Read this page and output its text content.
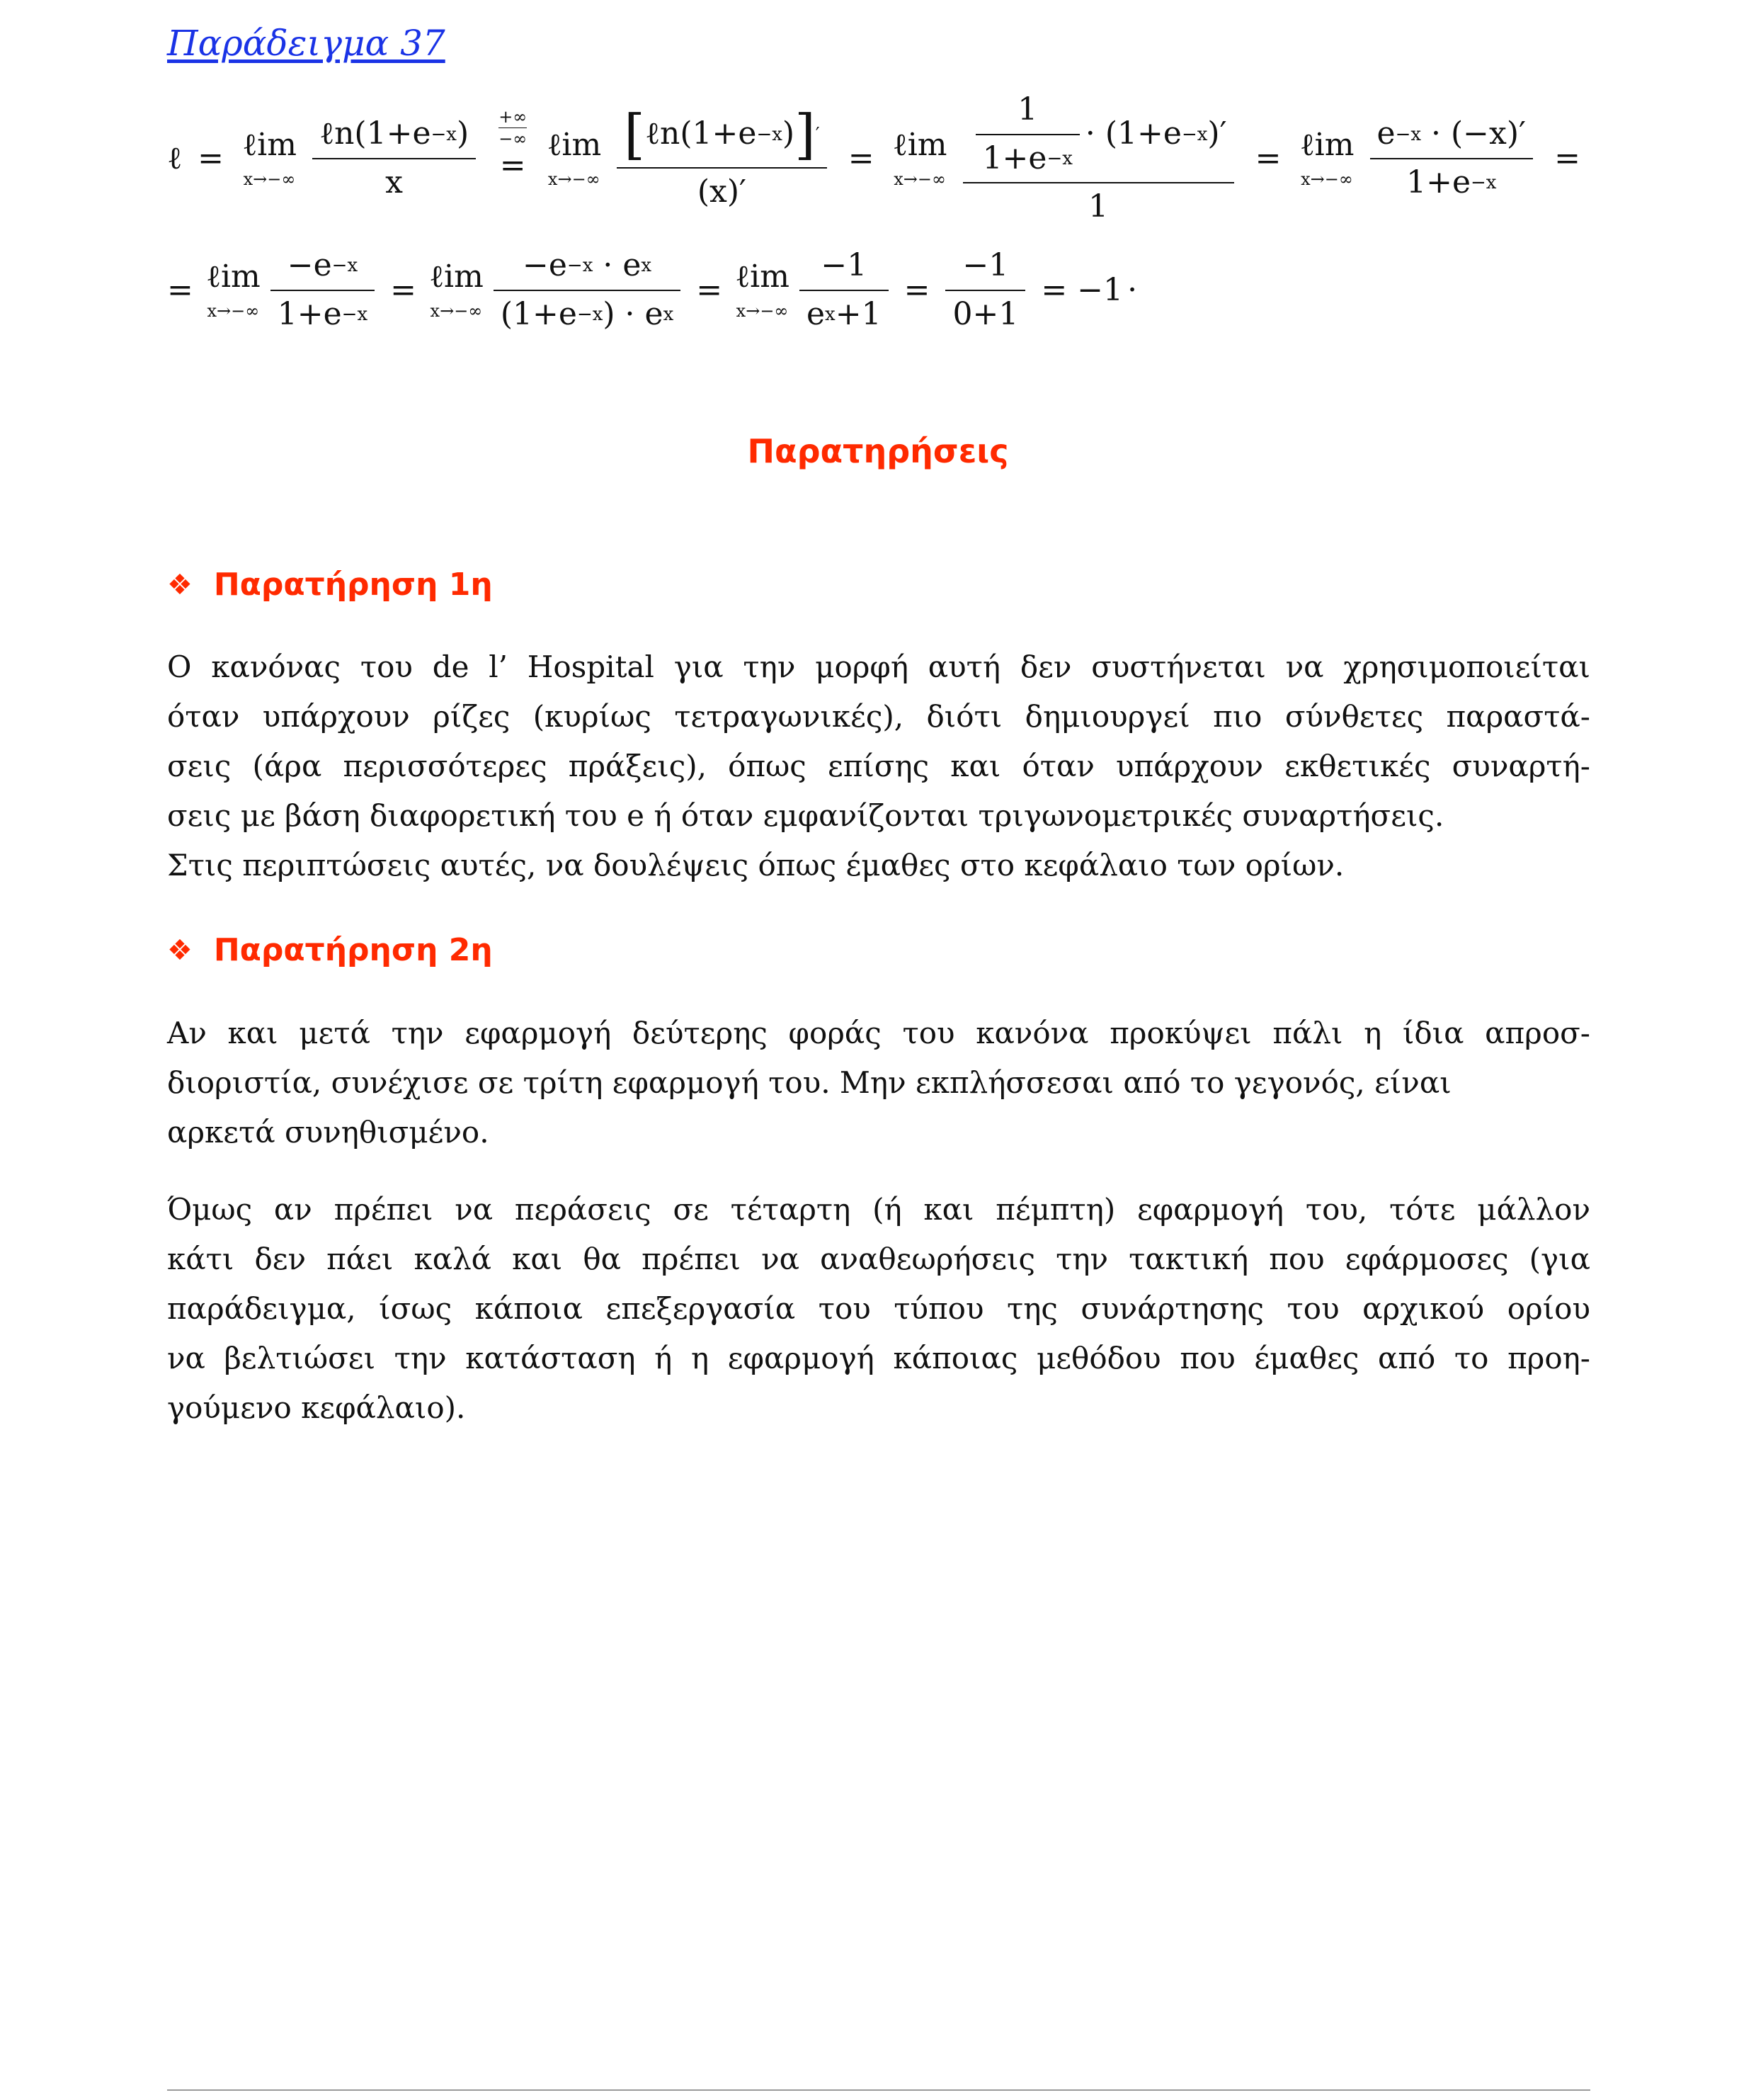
Παράδειγμα 37
ℓ = ℓim
$x\to-\infty \frac{\text{ℓn(1+e −x )}}{x} \frac{+\infty}{-\infty}$
=
ℓim
$x\to-\infty \frac{\text{[ ℓn(1+e −x ) ] ′}}{(x)'}$ = ℓim
$x\to-\infty \frac{\frac{1}{1+e -x} \cdot (1+e -x )'}{1}$ = ℓim
x→−∞ e −x
· (−x)′
1+e −x =
= ℓim
$x\to-\infty \frac{-e -x}{1+e -x}$ = ℓim
x→−∞ −e −x
· e x
(1+e −x ) · e x = ℓim
$x\to-\infty \frac{-1}{\text{e x +1}} = \frac{-1}{0+1} = -1$ ·
Παρατηρήσεις
❖ Παρατήρηση 1η

Ο κανόνας του de l’ Hospital για την μορφή αυτή δεν συστήνεται να χρησιμοποιείται
όταν υπάρχουν ρίζες (κυρίως τετραγωνικές), διότι δημιουργεί πιο σύνθετες παραστά-
σεις (άρα περισσότερες πράξεις), όπως επίσης και όταν υπάρχουν εκθετικές συναρτή-
σεις με βάση διαφορετική του e ή όταν εμφανίζονται τριγωνομετρικές συναρτήσεις.
Στις περιπτώσεις αυτές, να δουλέψεις όπως έμαθες στο κεφάλαιο των ορίων.

❖ Παρατήρηση 2η

Αν και μετά την εφαρμογή δεύτερης φοράς του κανόνα προκύψει πάλι η ίδια απροσ-
διοριστία, συνέχισε σε τρίτη εφαρμογή του. Μην εκπλήσσεσαι από το γεγονός, είναι
αρκετά συνηθισμένο.

Όμως αν πρέπει να περάσεις σε τέταρτη (ή και πέμπτη) εφαρμογή του, τότε μάλλον
κάτι δεν πάει καλά και θα πρέπει να αναθεωρήσεις την τακτική που εφάρμοσες (για
παράδειγμα, ίσως κάποια επεξεργασία του τύπου της συνάρτησης του αρχικού ορίου
να βελτιώσει την κατάσταση ή η εφαρμογή κάποιας μεθόδου που έμαθες από το προη-
γούμενο κεφάλαιο).
